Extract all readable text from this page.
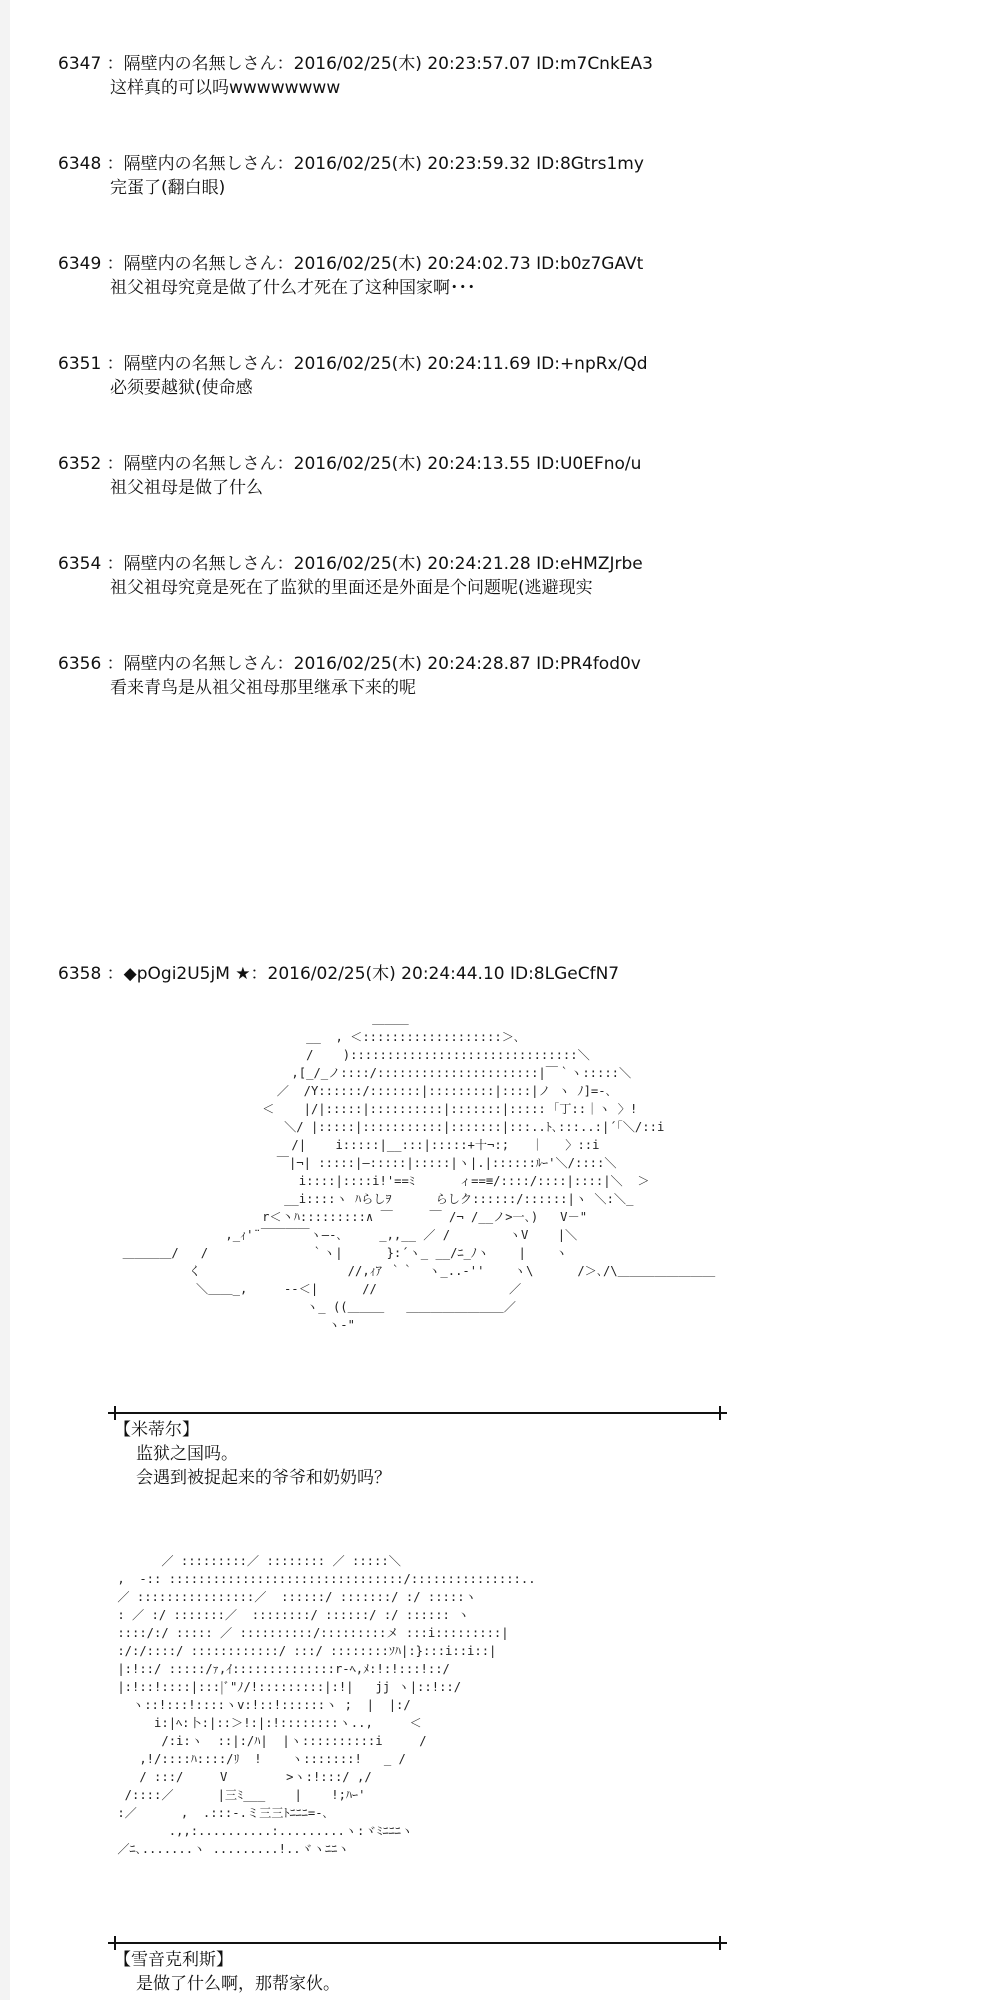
6347 ：隔壁内の名無しさん：2016/02/25(木) 20:23:57.07 ID:m7CnkEA3
这样真的可以吗wwwwwwww
6348 ：隔壁内の名無しさん：2016/02/25(木) 20:23:59.32 ID:8Gtrs1my
完蛋了(翻白眼)
6349 ：隔壁内の名無しさん：2016/02/25(木) 20:24:02.73 ID:b0z7GAVt
祖父祖母究竟是做了什么才死在了这种国家啊･･･
6351 ：隔壁内の名無しさん：2016/02/25(木) 20:24:11.69 ID:+npRx/Qd
必须要越狱(使命感
6352 ：隔壁内の名無しさん：2016/02/25(木) 20:24:13.55 ID:U0EFno/u
祖父祖母是做了什么
6354 ：隔壁内の名無しさん：2016/02/25(木) 20:24:21.28 ID:eHMZJrbe
祖父祖母究竟是死在了监狱的里面还是外面是个问题呢(逃避现实
6356 ：隔壁内の名無しさん：2016/02/25(木) 20:24:28.87 ID:PR4fod0v
看来青鸟是从祖父祖母那里继承下来的呢
6358 ：◆pOgi2U5jM ★：2016/02/25(木) 20:24:44.10 ID:8LGeCfN7
＿＿＿
__  , ＜:::::::::::::::::::＞､
/    ):::::::::::::::::::::::::::::::＼
,[_/_ノ::::/::::::::::::::::::::::|￣｀ヽ:::::＼
／  /Y::::::/:::::::|:::::::::|::::|ノ ヽ ﾉ]=-､
＜    |/|:::::|::::::::::|:::::::|::::: ｢丁::｜ヽ 〉!
＼/ |:::::|:::::::::::|:::::::|:::..ﾄ､:::..:|´｢＼/::i
/|    i:::::|__:::|:::::+十¬:;   ｜   〉::i
￣|¬| :::::|―:::::|:::::|ヽ|.|::::::ﾙｰ'＼/::::＼
i::::|::::i!'==ﾐ      ィ==≡/::::/::::|::::|＼  ＞
__i::::ヽ ﾊらしｦ      らしク::::::/::::::|ヽ ＼:＼_
r＜丶ﾊ:::::::::∧ ￣     ￣ /¬ /__ノ>一､)   V－"
,_ｨ'¨￣￣￣￣ヽ―-､     _,,__ ／ /        ヽV    |＼
＿＿＿＿/   /              ｀ヽ|      }:´ヽ_ __/ﾆ_ﾉヽ    |    ヽ
く                    //,ｨｱ ｀｀  ヽ_..-''    ヽ\      /＞､/\＿＿＿＿＿＿＿＿
＼＿＿_,     --＜|      //                  ／
ヽ_ ((＿＿＿   ＿＿＿＿＿＿＿＿／
ヽ‐"
【米蒂尔】
监狱之国吗。
会遇到被捉起来的爷爷和奶奶吗？
／ :::::::::／ :::::::: ／ :::::＼
,  -:: ::::::::::::::::::::::::::::::::/:::::::::::::::..
／ ::::::::::::::::／  ::::::/ :::::::/ :/ :::::ヽ
: ／ :/ :::::::／  ::::::::/ ::::::/ :/ :::::: ヽ
::::/:/ ::::: ／ ::::::::::/:::::::::メ :::i:::::::::|
:/:/::::/ ::::::::::::/ :::/ ::::::::ｿﾊ|:}:::i::i::|
|:!::/ :::::/ｧ,ｲ::::::::::::::r-ﾍ,ﾒ:!:!:::!::/
|:!::!::::|:::|ﾞ"ﾉ/!:::::::::|:!|   jj ヽ|::!::/
ヽ::!:::!::::ヽv:!::!::::::ヽ ;  |  |:/
i:|ﾍ:卜:|::＞!:|:!::::::::ヽ..,     ＜
/:i:ヽ  ::|:/ﾊ|  |ヽ::::::::::i     /
,!/::::ﾊ::::/ﾘ  !    ヽ:::::::!   _ /
/ :::/     V        >ヽ:!:::/ ,/
/::::／      |三ﾐ___    |    !;ﾊｰ'
:／      ,  .:::-.ミ三三ﾄﾆﾆﾆ=-､
.,,:..........:.........ヽ:ヾﾐﾆﾆﾆヽ
／ﾆ､.......ヽ .........!..ヾヽﾆﾆヽ
【雪音克利斯】
是做了什么啊，那帮家伙。
